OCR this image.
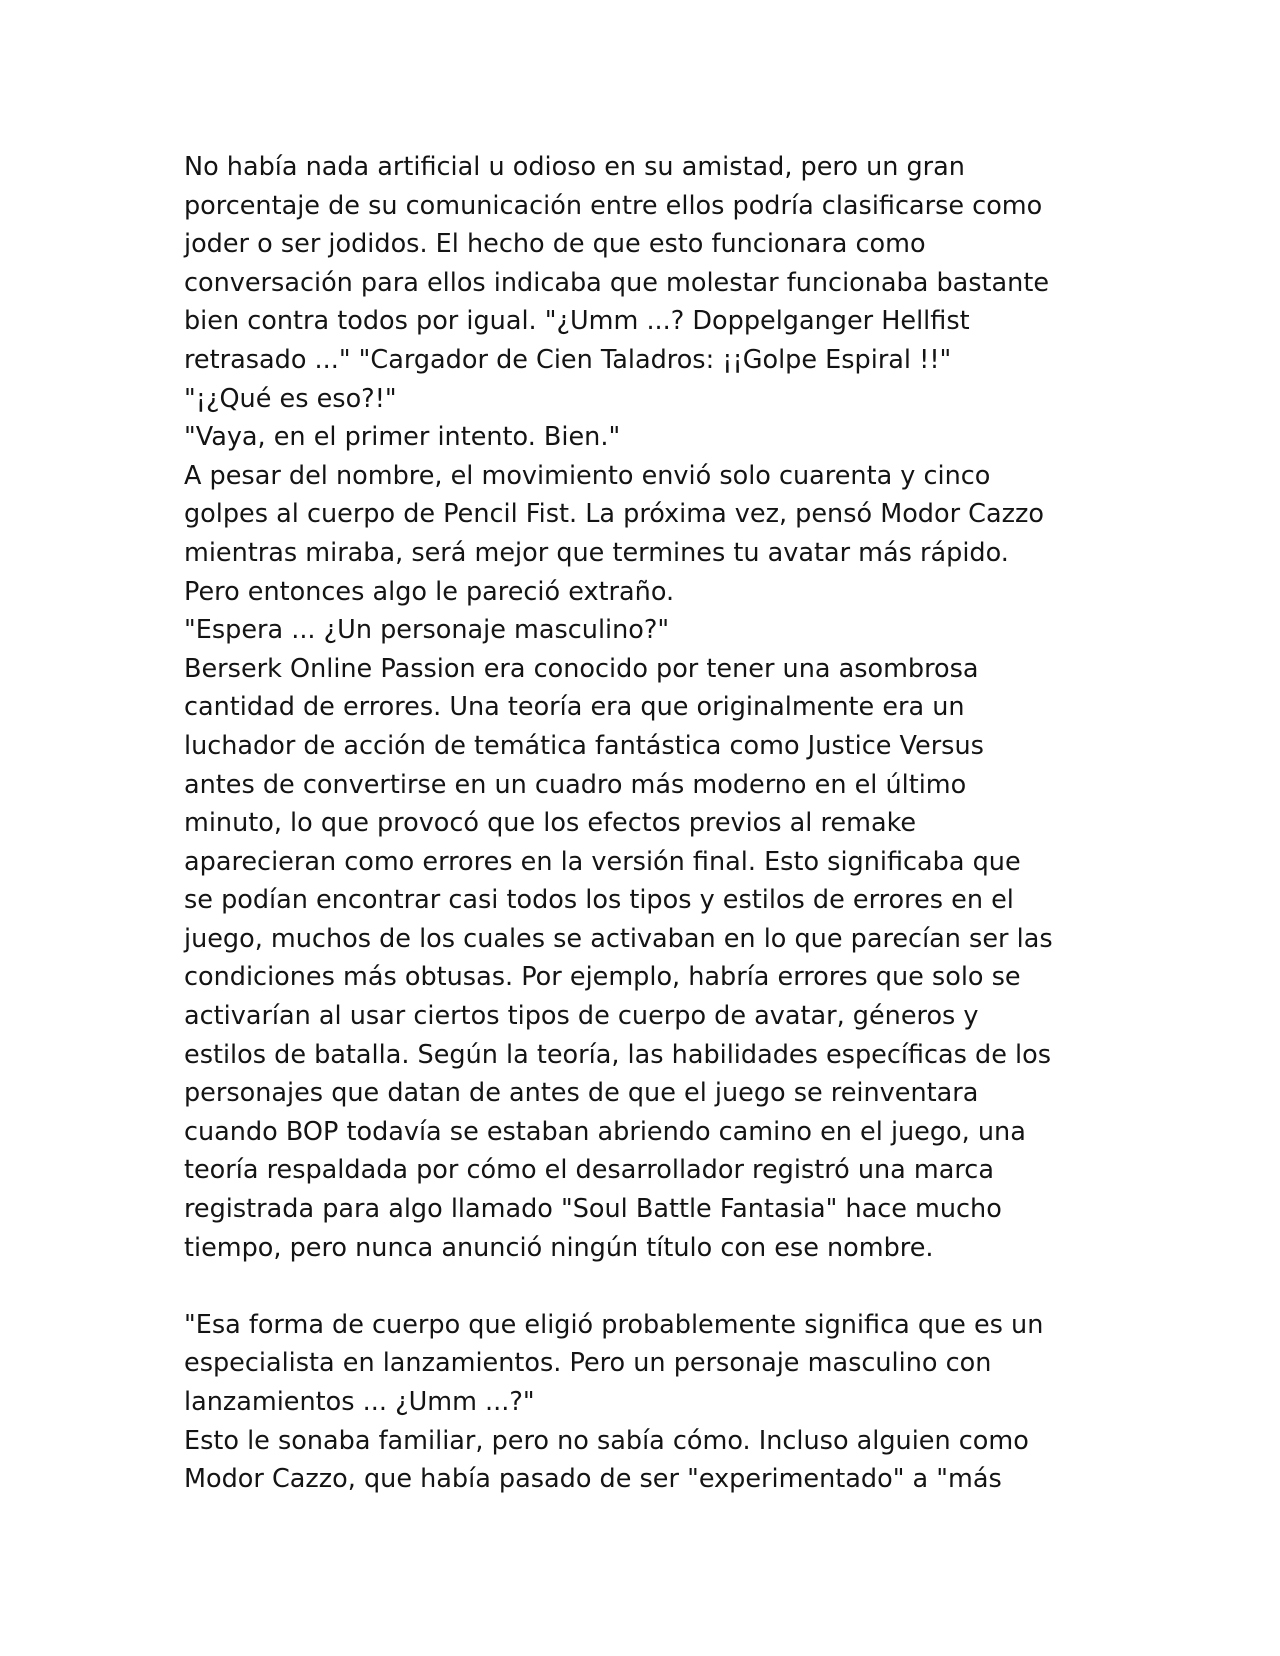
No había nada artificial u odioso en su amistad, pero un gran
porcentaje de su comunicación entre ellos podría clasificarse como
joder o ser jodidos. El hecho de que esto funcionara como
conversación para ellos indicaba que molestar funcionaba bastante
bien contra todos por igual. "¿Umm ...? Doppelganger Hellfist
retrasado ..." "Cargador de Cien Taladros: ¡¡Golpe Espiral !!"
"¡¿Qué es eso?!"
"Vaya, en el primer intento. Bien."
A pesar del nombre, el movimiento envió solo cuarenta y cinco
golpes al cuerpo de Pencil Fist. La próxima vez, pensó Modor Cazzo
mientras miraba, será mejor que termines tu avatar más rápido.
Pero entonces algo le pareció extraño.
"Espera ... ¿Un personaje masculino?"
Berserk Online Passion era conocido por tener una asombrosa
cantidad de errores. Una teoría era que originalmente era un
luchador de acción de temática fantástica como Justice Versus
antes de convertirse en un cuadro más moderno en el último
minuto, lo que provocó que los efectos previos al remake
aparecieran como errores en la versión final. Esto significaba que
se podían encontrar casi todos los tipos y estilos de errores en el
juego, muchos de los cuales se activaban en lo que parecían ser las
condiciones más obtusas. Por ejemplo, habría errores que solo se
activarían al usar ciertos tipos de cuerpo de avatar, géneros y
estilos de batalla. Según la teoría, las habilidades específicas de los
personajes que datan de antes de que el juego se reinventara
cuando BOP todavía se estaban abriendo camino en el juego, una
teoría respaldada por cómo el desarrollador registró una marca
registrada para algo llamado "Soul Battle Fantasia" hace mucho
tiempo, pero nunca anunció ningún título con ese nombre.
"Esa forma de cuerpo que eligió probablemente significa que es un
especialista en lanzamientos. Pero un personaje masculino con
lanzamientos ... ¿Umm ...?"
Esto le sonaba familiar, pero no sabía cómo. Incluso alguien como
Modor Cazzo, que había pasado de ser "experimentado" a "más
